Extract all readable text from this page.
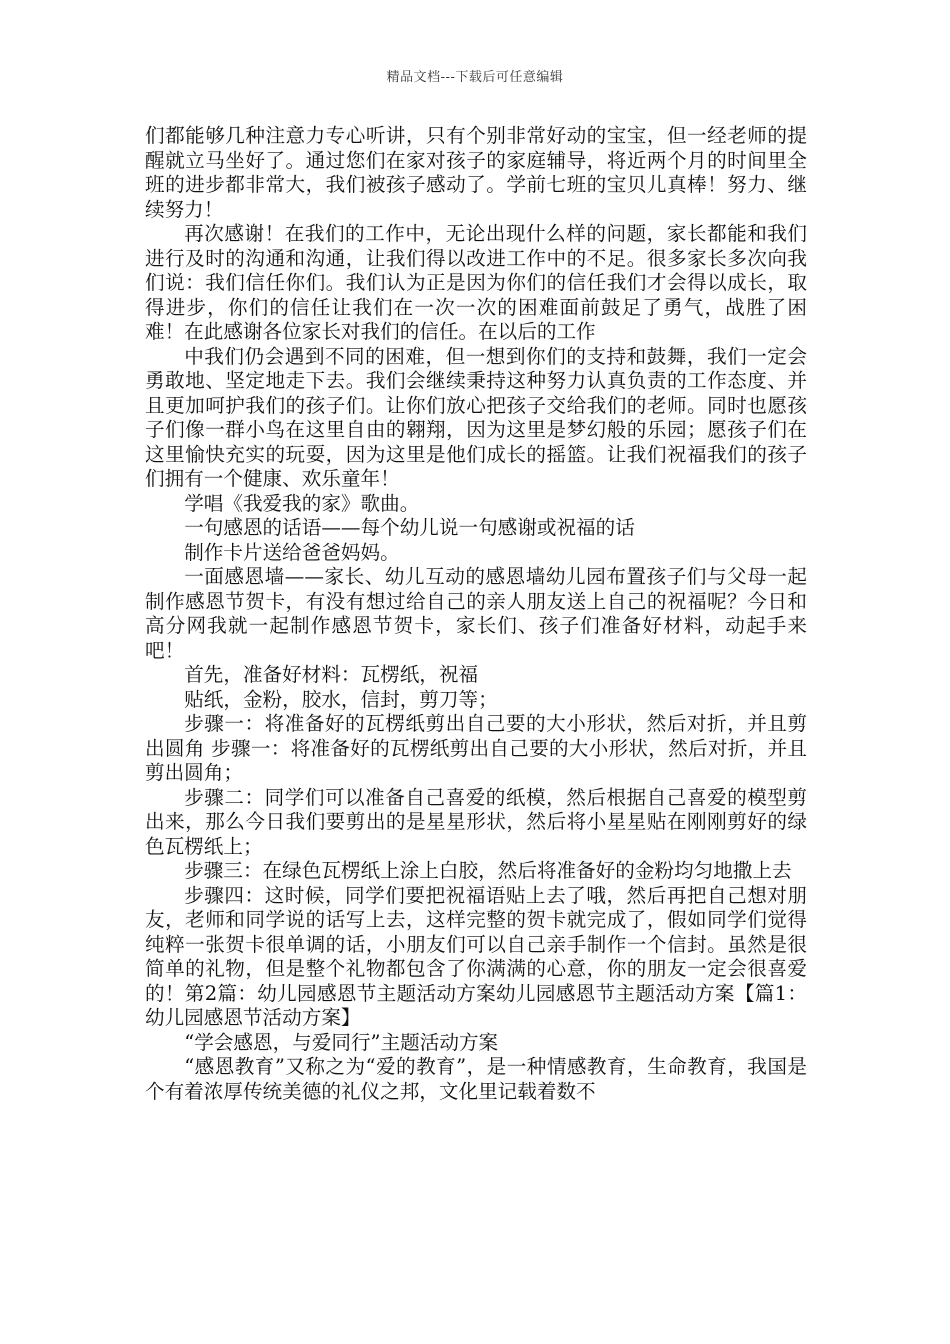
精品文档---下载后可任意编辑

们都能够几种注意力专心听讲，只有个别非常好动的宝宝，但一经老师的提醒就立马坐好了。通过您们在家对孩子的家庭辅导，将近两个月的时间里全班的进步都非常大，我们被孩子感动了。学前七班的宝贝儿真棒！努力、继续努力！

再次感谢！在我们的工作中，无论出现什么样的问题，家长都能和我们进行及时的沟通和沟通，让我们得以改进工作中的不足。很多家长多次向我们说：我们信任你们。我们认为正是因为你们的信任我们才会得以成长，取得进步，你们的信任让我们在一次一次的困难面前鼓足了勇气，战胜了困难！在此感谢各位家长对我们的信任。在以后的工作

中我们仍会遇到不同的困难，但一想到你们的支持和鼓舞，我们一定会勇敢地、坚定地走下去。我们会继续秉持这种努力认真负责的工作态度、并且更加呵护我们的孩子们。让你们放心把孩子交给我们的老师。同时也愿孩子们像一群小鸟在这里自由的翱翔，因为这里是梦幻般的乐园；愿孩子们在这里愉快充实的玩耍，因为这里是他们成长的摇篮。让我们祝福我们的孩子们拥有一个健康、欢乐童年！

学唱《我爱我的家》歌曲。

一句感恩的话语——每个幼儿说一句感谢或祝福的话

制作卡片送给爸爸妈妈。

一面感恩墙——家长、幼儿互动的感恩墙幼儿园布置孩子们与父母一起制作感恩节贺卡，有没有想过给自己的亲人朋友送上自己的祝福呢？今日和高分网我就一起制作感恩节贺卡，家长们、孩子们准备好材料，动起手来吧！

首先，准备好材料：瓦楞纸，祝福

贴纸，金粉，胶水，信封，剪刀等；

步骤一：将准备好的瓦楞纸剪出自己要的大小形状，然后对折，并且剪出圆角 步骤一：将准备好的瓦楞纸剪出自己要的大小形状，然后对折，并且剪出圆角；

步骤二：同学们可以准备自己喜爱的纸模，然后根据自己喜爱的模型剪出来，那么今日我们要剪出的是星星形状，然后将小星星贴在刚刚剪好的绿色瓦楞纸上；

步骤三：在绿色瓦楞纸上涂上白胶，然后将准备好的金粉均匀地撒上去

步骤四：这时候，同学们要把祝福语贴上去了哦，然后再把自己想对朋友，老师和同学说的话写上去，这样完整的贺卡就完成了，假如同学们觉得纯粹一张贺卡很单调的话，小朋友们可以自己亲手制作一个信封。虽然是很简单的礼物，但是整个礼物都包含了你满满的心意，你的朋友一定会很喜爱的！第2篇：幼儿园感恩节主题活动方案幼儿园感恩节主题活动方案【篇1：幼儿园感恩节活动方案】

“学会感恩，与爱同行”主题活动方案

“感恩教育”又称之为“爱的教育”，是一种情感教育，生命教育，我国是个有着浓厚传统美德的礼仪之邦，文化里记载着数不
